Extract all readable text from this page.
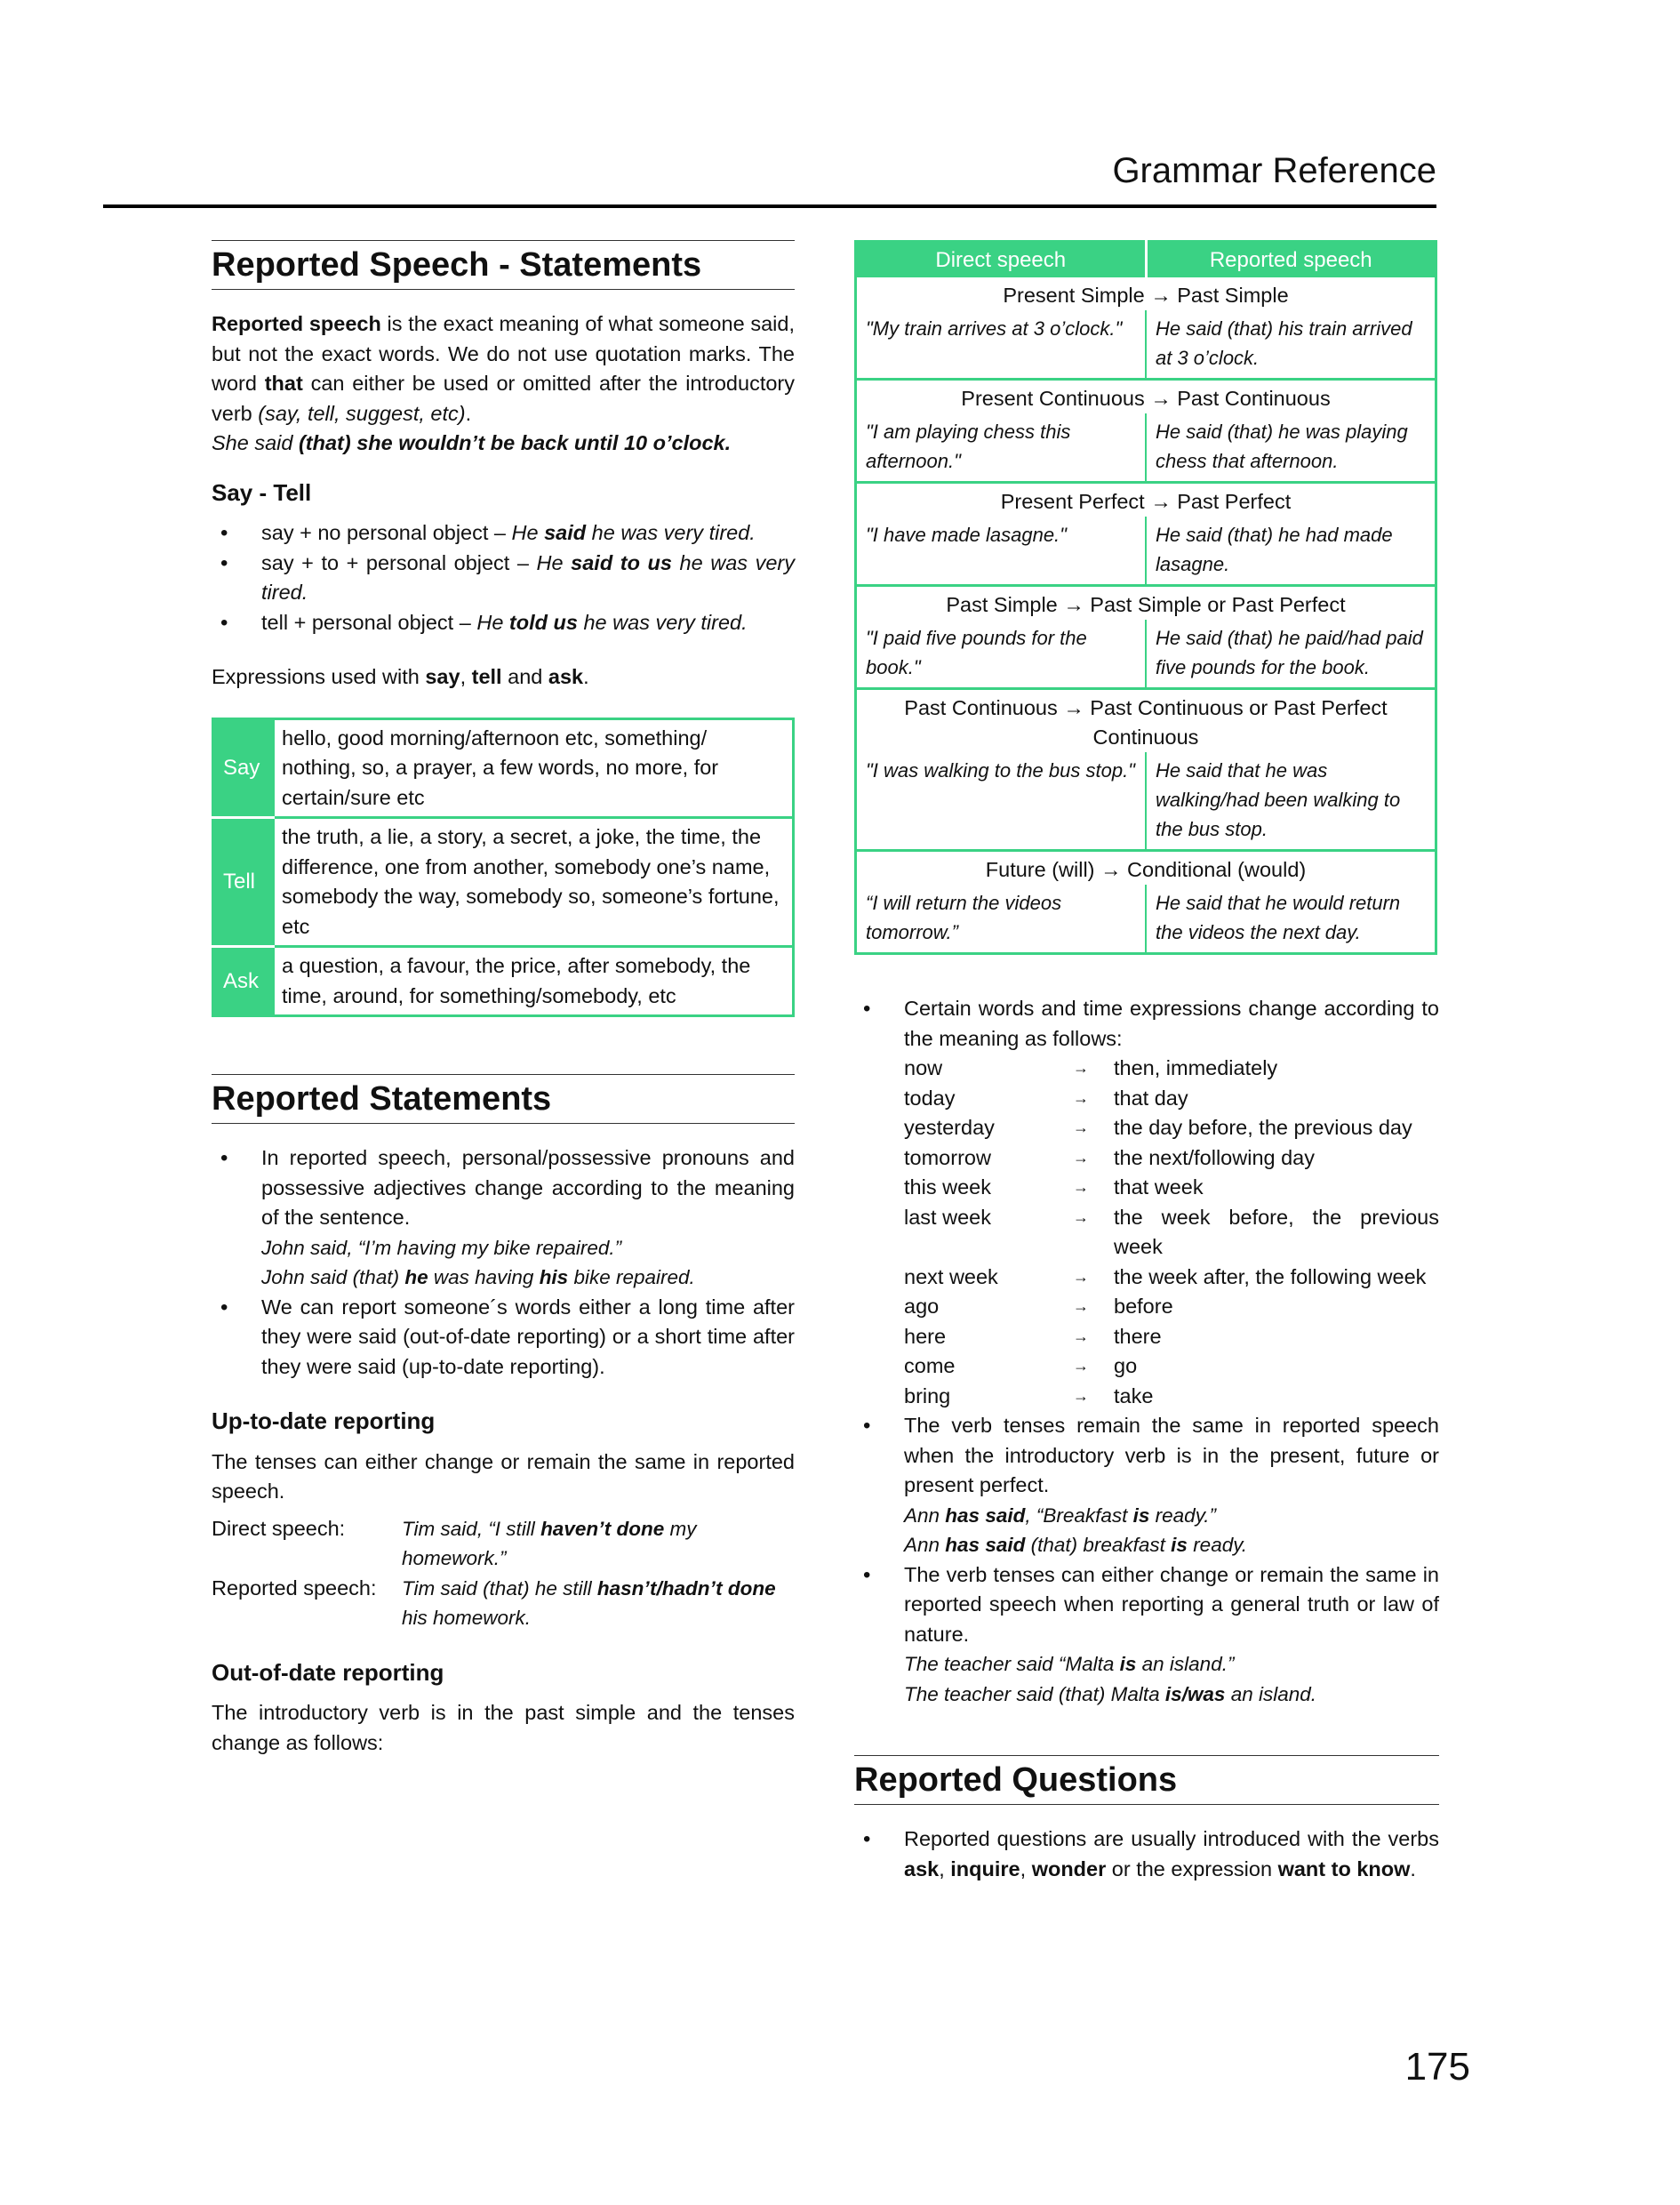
Grammar Reference
Reported Speech - Statements

Reported speech is the exact meaning of what someone said, but not the exact words. We do not use quotation marks. The word that can either be used or omitted after the introductory verb (say, tell, suggest, etc).

She said (that) she wouldn’t be back until 10 o’clock.

Say - Tell
• say + no personal object – He said he was very tired.
• say + to + personal object – He said to us he was very tired.
• tell + personal object – He told us he was very tired.

Expressions used with say, tell and ask.

Say	hello, good morning/afternoon etc, something/ nothing, so, a prayer, a few words, no more, for certain/sure etc
Tell	the truth, a lie, a story, a secret, a joke, the time, the difference, one from another, somebody one’s name, somebody the way, somebody so, someone’s fortune, etc
Ask	a question, a favour, the price, after somebody, the time, around, for something/somebody, etc
Reported Statements
• In reported speech, personal/possessive pronouns and possessive adjectives change according to the meaning of the sentence.
John said, “I’m having my bike repaired.”
John said (that) he was having his bike repaired.
• We can report someone´s words either a long time after they were said (out-of-date reporting) or a short time after they were said (up-to-date reporting).
Up-to-date reporting

The tenses can either change or remain the same in reported speech.

Direct speech:	Tim said, “I still haven’t done my homework.”
Reported speech:	Tim said (that) he still hasn’t/hadn’t done his homework.
Out-of-date reporting

The introductory verb is in the past simple and the tenses change as follows:

Direct speech	Reported speech
Present Simple → Past Simple	
"My train arrives at 3 o’clock."	He said (that) his train arrived at 3 o’clock.
Present Continuous → Past Continuous	
"I am playing chess this afternoon."	He said (that) he was playing chess that afternoon.
Present Perfect → Past Perfect	
"I have made lasagne."	He said (that) he had made lasagne.
Past Simple → Past Simple or Past Perfect	
"I paid five pounds for the book."	He said (that) he paid/had paid five pounds for the book.
Past Continuous → Past Continuous or Past Perfect Continuous	
"I was walking to the bus stop."	He said that he was walking/had been walking to the bus stop.
Future (will) → Conditional (would)	
“I will return the videos tomorrow.”	He said that he would return the videos the next day.
• Certain words and time expressions change according to the meaning as follows:
now	→	then, immediately
today	→	that day
yesterday	→	the day before, the previous day
tomorrow	→	the next/following day
this week	→	that week
last week	→	the week before, the previous week
next week	→	the week after, the following week
ago	→	before
here	→	there
come	→	go
bring	→	take
• The verb tenses remain the same in reported speech when the introductory verb is in the present, future or present perfect.
Ann has said, “Breakfast is ready.”
Ann has said (that) breakfast is ready.
• The verb tenses can either change or remain the same in reported speech when reporting a general truth or law of nature.
The teacher said “Malta is an island.”
The teacher said (that) Malta is/was an island.
Reported Questions
• Reported questions are usually introduced with the verbs ask, inquire, wonder or the expression want to know.
175
